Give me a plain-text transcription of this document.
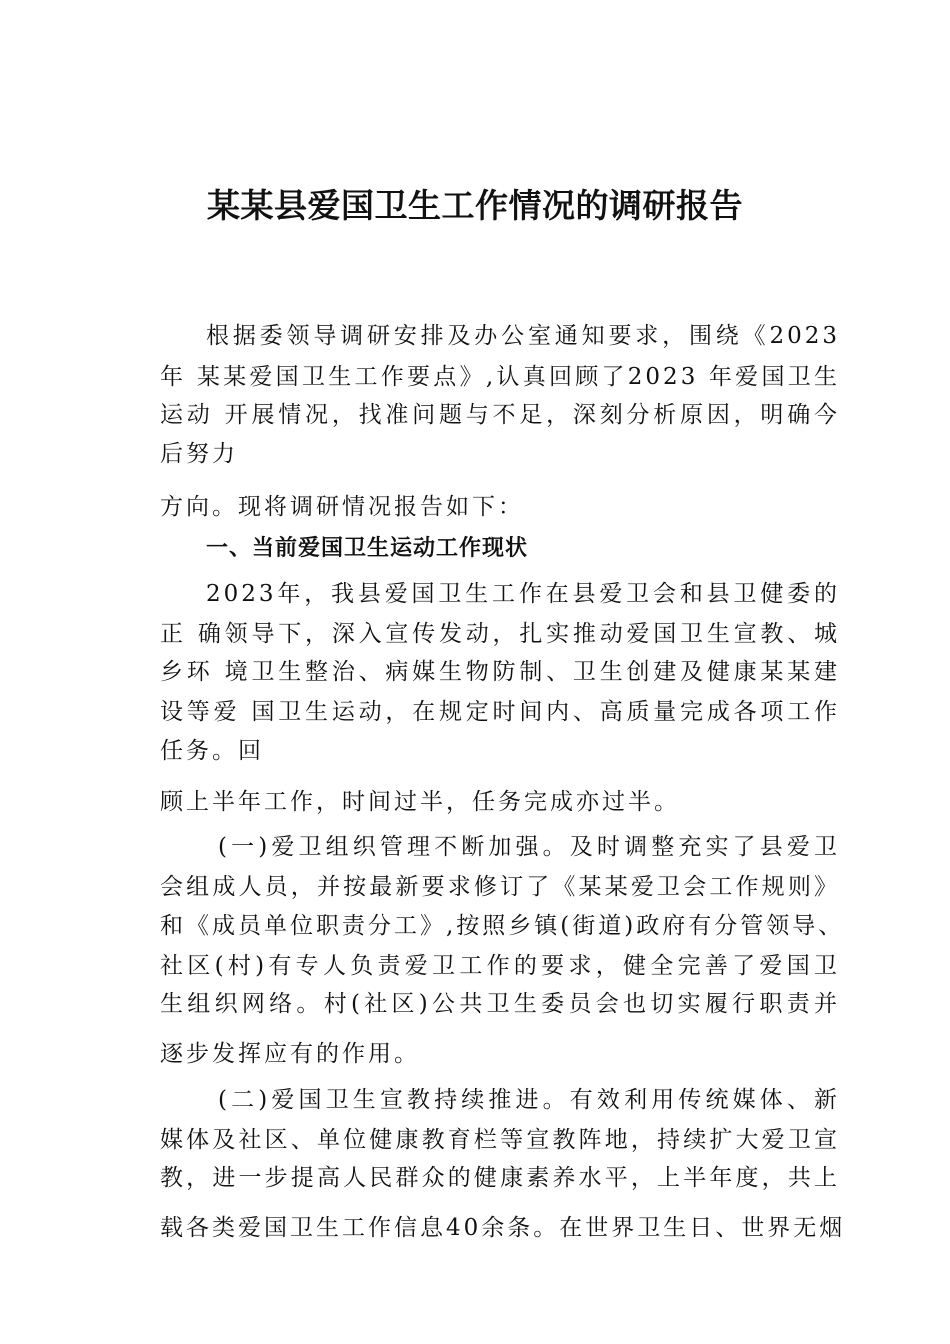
某某县爱国卫生工作情况的调研报告
根据委领导调研安排及办公室通知要求，围绕《2023
年 某某爱国卫生工作要点》,认真回顾了2023 年爱国卫生
运动 开展情况，找准问题与不足，深刻分析原因，明确今
后努力
方向。现将调研情况报告如下：
一、当前爱国卫生运动工作现状
2023年，我县爱国卫生工作在县爱卫会和县卫健委的
正 确领导下，深入宣传发动，扎实推动爱国卫生宣教、城
乡环 境卫生整治、病媒生物防制、卫生创建及健康某某建
设等爱 国卫生运动，在规定时间内、高质量完成各项工作
任务。回
顾上半年工作，时间过半，任务完成亦过半。
(一)爱卫组织管理不断加强。及时调整充实了县爱卫
会组成人员，并按最新要求修订了《某某爱卫会工作规则》
和《成员单位职责分工》,按照乡镇(街道)政府有分管领导、
社区(村)有专人负责爱卫工作的要求，健全完善了爱国卫
生组织网络。村(社区)公共卫生委员会也切实履行职责并
逐步发挥应有的作用。
(二)爱国卫生宣教持续推进。有效利用传统媒体、新
媒体及社区、单位健康教育栏等宣教阵地，持续扩大爱卫宣
教，进一步提高人民群众的健康素养水平，上半年度，共上
载各类爱国卫生工作信息40余条。在世界卫生日、世界无烟
